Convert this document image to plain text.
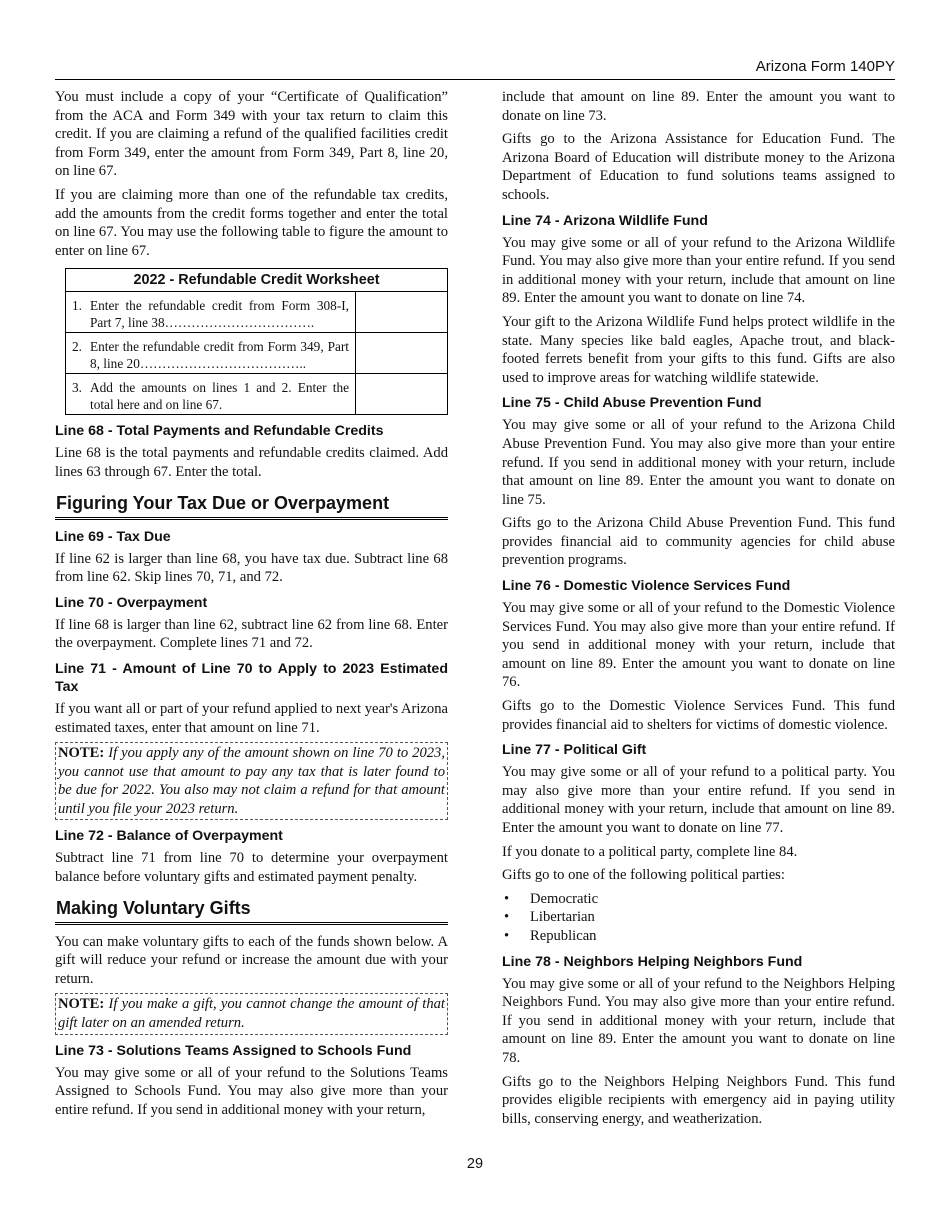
Arizona Form 140PY

You must include a copy of your “Certificate of Qualification” from the ACA and Form 349 with your tax return to claim this credit. If you are claiming a refund of the qualified facilities credit from Form 349, enter the amount from Form 349, Part 8, line 20, on line 67.

If you are claiming more than one of the refundable tax credits, add the amounts from the credit forms together and enter the total on line 67. You may use the following table to figure the amount to enter on line 67.

2022 - Refundable Credit Worksheet	

1. Enter the refundable credit from Form 308-I, Part 7, line 38…………………………….	

2. Enter the refundable credit from Form 349, Part 8, line 20………………………………..	

3. Add the amounts on lines 1 and 2. Enter the total here and on line 67.	

Line 68 - Total Payments and Refundable Credits

Line 68 is the total payments and refundable credits claimed. Add lines 63 through 67. Enter the total.

Figuring Your Tax Due or Overpayment
Line 69 - Tax Due

If line 62 is larger than line 68, you have tax due. Subtract line 68 from line 62. Skip lines 70, 71, and 72.

Line 70 - Overpayment

If line 68 is larger than line 62, subtract line 62 from line 68. Enter the overpayment. Complete lines 71 and 72.

Line 71 - Amount of Line 70 to Apply to 2023 Estimated Tax

If you want all or part of your refund applied to next year's Arizona estimated taxes, enter that amount on line 71.

NOTE: If you apply any of the amount shown on line 70 to 2023, you cannot use that amount to pay any tax that is later found to be due for 2022. You also may not claim a refund for that amount until you file your 2023 return.
Line 72 - Balance of Overpayment

Subtract line 71 from line 70 to determine your overpayment balance before voluntary gifts and estimated payment penalty.

Making Voluntary Gifts

You can make voluntary gifts to each of the funds shown below. A gift will reduce your refund or increase the amount due with your return.

NOTE: If you make a gift, you cannot change the amount of that gift later on an amended return.
Line 73 - Solutions Teams Assigned to Schools Fund

You may give some or all of your refund to the Solutions Teams Assigned to Schools Fund. You may also give more than your entire refund. If you send in additional money with your return,

include that amount on line 89. Enter the amount you want to donate on line 73.

Gifts go to the Arizona Assistance for Education Fund. The Arizona Board of Education will distribute money to the Arizona Department of Education to fund solutions teams assigned to schools.

Line 74 - Arizona Wildlife Fund

You may give some or all of your refund to the Arizona Wildlife Fund. You may also give more than your entire refund. If you send in additional money with your return, include that amount on line 89. Enter the amount you want to donate on line 74.

Your gift to the Arizona Wildlife Fund helps protect wildlife in the state. Many species like bald eagles, Apache trout, and black-footed ferrets benefit from your gifts to this fund. Gifts are also used to improve areas for watching wildlife statewide.

Line 75 - Child Abuse Prevention Fund

You may give some or all of your refund to the Arizona Child Abuse Prevention Fund. You may also give more than your entire refund. If you send in additional money with your return, include that amount on line 89. Enter the amount you want to donate on line 75.

Gifts go to the Arizona Child Abuse Prevention Fund. This fund provides financial aid to community agencies for child abuse prevention programs.

Line 76 - Domestic Violence Services Fund

You may give some or all of your refund to the Domestic Violence Services Fund. You may also give more than your entire refund. If you send in additional money with your return, include that amount on line 89. Enter the amount you want to donate on line 76.

Gifts go to the Domestic Violence Services Fund. This fund provides financial aid to shelters for victims of domestic violence.

Line 77 - Political Gift

You may give some or all of your refund to a political party. You may also give more than your entire refund. If you send in additional money with your return, include that amount on line 89. Enter the amount you want to donate on line 77.

If you donate to a political party, complete line 84.

Gifts go to one of the following political parties:

• Democratic
• Libertarian
• Republican
Line 78 - Neighbors Helping Neighbors Fund

You may give some or all of your refund to the Neighbors Helping Neighbors Fund. You may also give more than your entire refund. If you send in additional money with your return, include that amount on line 89. Enter the amount you want to donate on line 78.

Gifts go to the Neighbors Helping Neighbors Fund. This fund provides eligible recipients with emergency aid in paying utility bills, conserving energy, and weatherization.

29
